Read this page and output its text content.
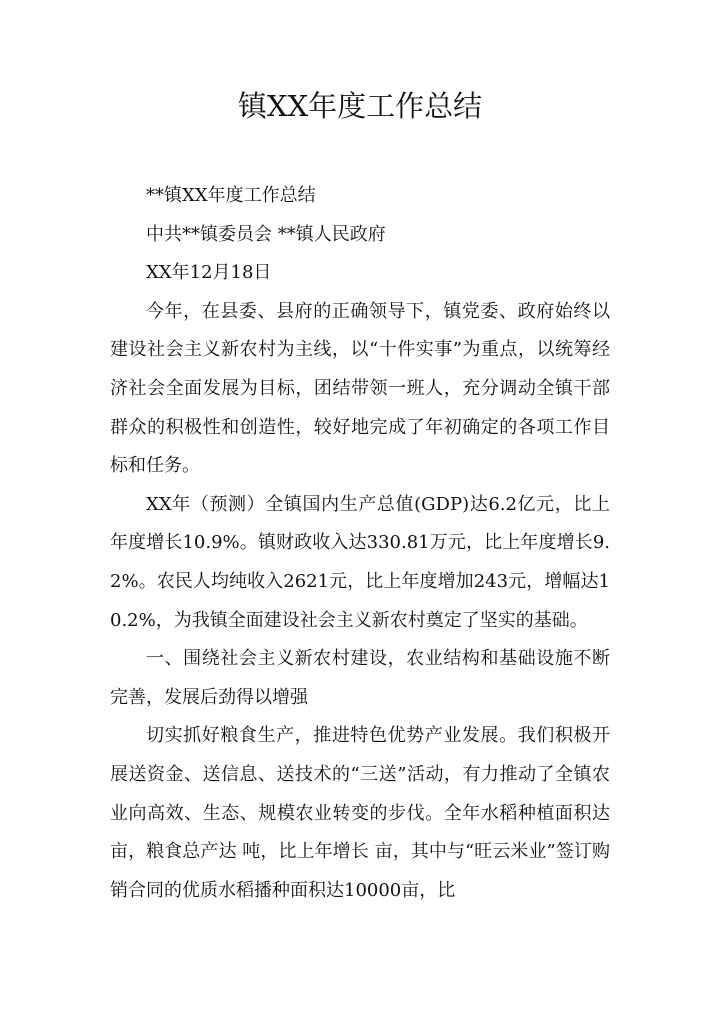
镇XX年度工作总结

**镇XX年度工作总结

中共**镇委员会 **镇人民政府

XX年12月18日

今年，在县委、县府的正确领导下，镇党委、政府始终以建设社会主义新农村为主线，以“十件实事”为重点，以统筹经济社会全面发展为目标，团结带领一班人，充分调动全镇干部群众的积极性和创造性，较好地完成了年初确定的各项工作目标和任务。

XX年（预测）全镇国内生产总值(GDP)达6.2亿元，比上年度增长10.9%。镇财政收入达330.81万元，比上年度增长9.2%。农民人均纯收入2621元，比上年度增加243元，增幅达10.2%，为我镇全面建设社会主义新农村奠定了坚实的基础。

一、围绕社会主义新农村建设，农业结构和基础设施不断完善，发展后劲得以增强

切实抓好粮食生产，推进特色优势产业发展。我们积极开展送资金、送信息、送技术的“三送”活动，有力推动了全镇农业向高效、生态、规模农业转变的步伐。全年水稻种植面积达 亩，粮食总产达 吨，比上年增长 亩，其中与“旺云米业”签订购销合同的优质水稻播种面积达10000亩，比
